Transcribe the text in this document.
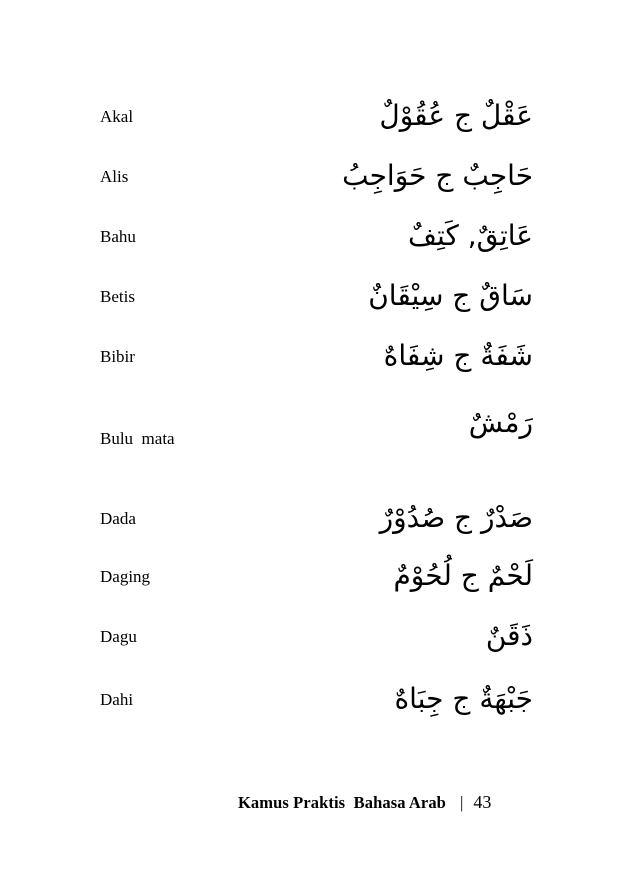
Akal	عَقْلٌ ج عُقُوْلٌ
Alis	حَاجِبٌ ج حَوَاجِبُ
Bahu	عَاتِقٌ, كَتِفٌ
Betis	سَاقٌ ج سِيْقَانٌ
Bibir	شَفَةٌ ج شِفَاهٌ
Bulu  mata	رَمْشٌ
Dada	صَدْرٌ ج صُدُوْرٌ
Daging	لَحْمٌ ج لُحُوْمٌ
Dagu	ذَقَنٌ
Dahi	جَبْهَةٌ ج جِبَاهٌ
Kamus Praktis  Bahasa Arab | 43
